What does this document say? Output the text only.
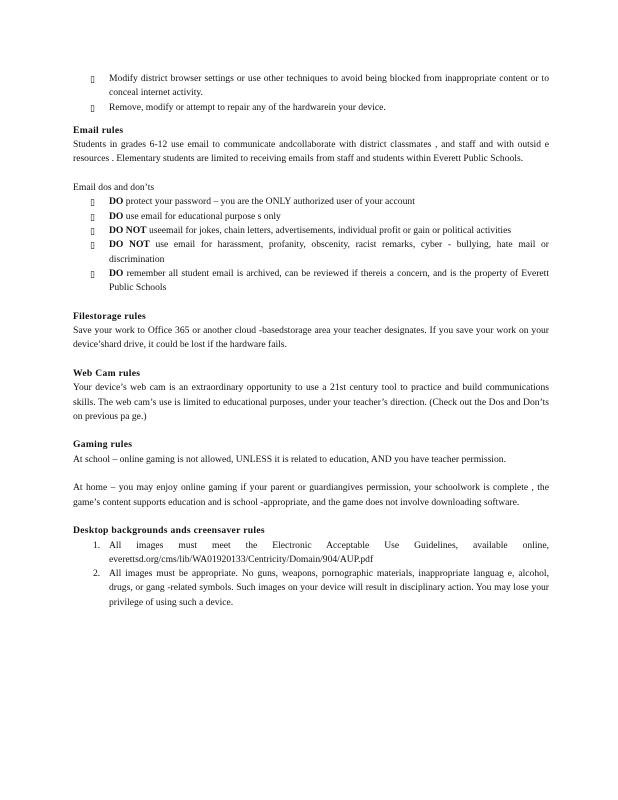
▯ Modify district browser settings or use other techniques to avoid being blocked from inappropriate content or to conceal internet activity.
▯ Remove, modify or attempt to repair any of the hardwarein your device.
Email rules

Students in grades 6-12 use email to communicate andcollaborate with district classmates , and staff and with outsid e resources . Elementary students are limited to receiving emails from staff and students within Everett Public Schools.

Email dos and don’ts

▯ DO protect your password – you are the ONLY authorized user of your account
▯ DO use email for educational purpose s only
▯ DO NOT useemail for jokes, chain letters, advertisements, individual profit or gain or political activities
▯ DO NOT use email for harassment, profanity, obscenity, racist remarks, cyber - bullying, hate mail or discrimination
▯ DO remember all student email is archived, can be reviewed if thereis a concern, and is the property of Everett Public Schools
Filestorage rules

Save your work to Office 365 or another cloud -basedstorage area your teacher designates. If you save your work on your device’shard drive, it could be lost if the hardware fails.

Web Cam rules

Your device’s web cam is an extraordinary opportunity to use a 21st century tool to practice and build communications skills. The web cam’s use is limited to educational purposes, under your teacher’s direction. (Check out the Dos and Don’ts on previous pa ge.)

Gaming rules

At school – online gaming is not allowed, UNLESS it is related to education, AND you have teacher permission.

At home – you may enjoy online gaming if your parent or guardiangives permission, your schoolwork is complete , the game’s content supports education and is school -appropriate, and the game does not involve downloading software.

Desktop backgrounds ands creensaver rules
1. All images must meet the Electronic Acceptable Use Guidelines, available online, everettsd.org/cms/lib/WA01920133/Centricity/Domain/904/AUP.pdf
2. All images must be appropriate. No guns, weapons, pornographic materials, inappropriate languag e, alcohol, drugs, or gang -related symbols. Such images on your device will result in disciplinary action. You may lose your privilege of using such a device.
